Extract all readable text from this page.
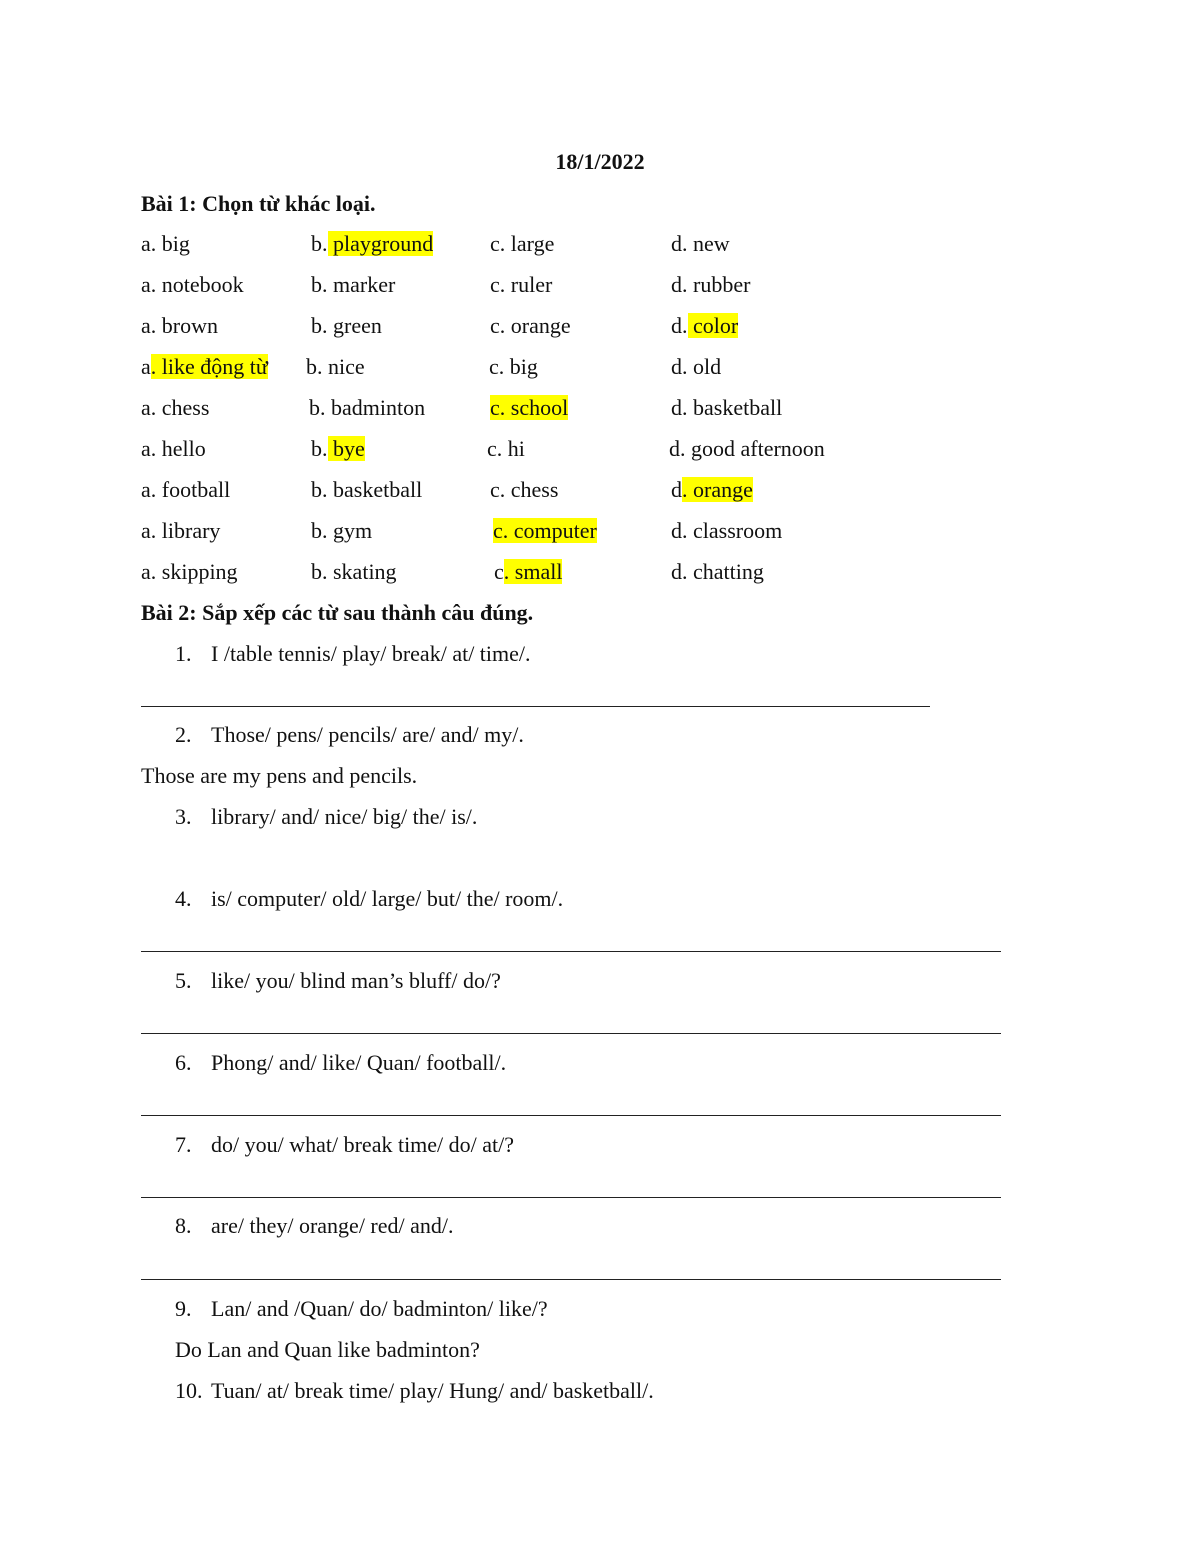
18/1/2022
Bài 1: Chọn từ khác loại.
a. big	b. playground	c. large	d. new
a. notebook	b. marker	c. ruler	d. rubber
a. brown	b. green	c. orange	d. color
a. like động từ b. nice	c. big	d. old
a. chess	b. badminton	c. school	d. basketball
a. hello	b. bye	c. hi	d. good afternoon
a. football	b. basketball	c. chess	d. orange
a. library	b. gym	c. computer	d. classroom
a. skipping	b. skating	c. small	d. chatting
Bài 2: Sắp xếp các từ sau thành câu đúng.
1. I /table tennis/ play/ break/ at/ time/.
2. Those/ pens/ pencils/ are/ and/ my/.
Those are my pens and pencils.
3. library/ and/ nice/ big/ the/ is/.
4. is/ computer/ old/ large/ but/ the/ room/.
5. like/ you/ blind man’s bluff/ do/?
6. Phong/ and/ like/ Quan/ football/.
7. do/ you/ what/ break time/ do/ at/?
8. are/ they/ orange/ red/ and/.
9. Lan/ and /Quan/ do/ badminton/ like/?
Do Lan and Quan like badminton?
10. Tuan/ at/ break time/ play/ Hung/ and/ basketball/.
